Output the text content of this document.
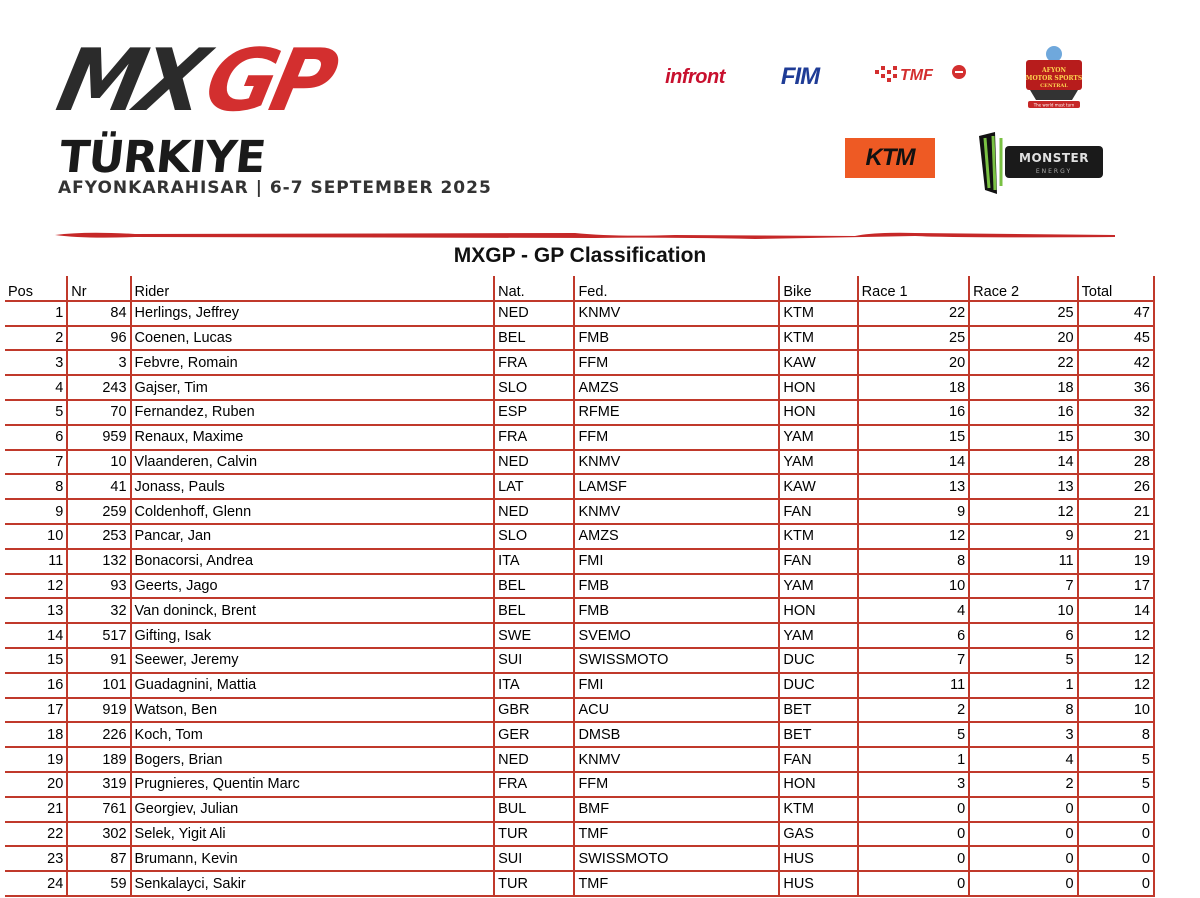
MX
GP
TÜRKIYE
AFYONKARAHISAR | 6-7 SEPTEMBER 2025
infront	FIM	TMF	AFYON
MOTOR SPORTS
CENTRAL
The world must turn
KTM	MONSTER
ENERGY
MXGP - GP Classification
Pos	Nr	Rider	Nat.	Fed.	Bike	Race 1	Race 2	Total
1	84	Herlings, Jeffrey	NED	KNMV	KTM	22	25	47
2	96	Coenen, Lucas	BEL	FMB	KTM	25	20	45
3	3	Febvre, Romain	FRA	FFM	KAW	20	22	42
4	243	Gajser, Tim	SLO	AMZS	HON	18	18	36
5	70	Fernandez, Ruben	ESP	RFME	HON	16	16	32
6	959	Renaux, Maxime	FRA	FFM	YAM	15	15	30
7	10	Vlaanderen, Calvin	NED	KNMV	YAM	14	14	28
8	41	Jonass, Pauls	LAT	LAMSF	KAW	13	13	26
9	259	Coldenhoff, Glenn	NED	KNMV	FAN	9	12	21
10	253	Pancar, Jan	SLO	AMZS	KTM	12	9	21
11	132	Bonacorsi, Andrea	ITA	FMI	FAN	8	11	19
12	93	Geerts, Jago	BEL	FMB	YAM	10	7	17
13	32	Van doninck, Brent	BEL	FMB	HON	4	10	14
14	517	Gifting, Isak	SWE	SVEMO	YAM	6	6	12
15	91	Seewer, Jeremy	SUI	SWISSMOTO	DUC	7	5	12
16	101	Guadagnini, Mattia	ITA	FMI	DUC	11	1	12
17	919	Watson, Ben	GBR	ACU	BET	2	8	10
18	226	Koch, Tom	GER	DMSB	BET	5	3	8
19	189	Bogers, Brian	NED	KNMV	FAN	1	4	5
20	319	Prugnieres, Quentin Marc	FRA	FFM	HON	3	2	5
21	761	Georgiev, Julian	BUL	BMF	KTM	0	0	0
22	302	Selek, Yigit Ali	TUR	TMF	GAS	0	0	0
23	87	Brumann, Kevin	SUI	SWISSMOTO	HUS	0	0	0
24	59	Senkalayci, Sakir	TUR	TMF	HUS	0	0	0
